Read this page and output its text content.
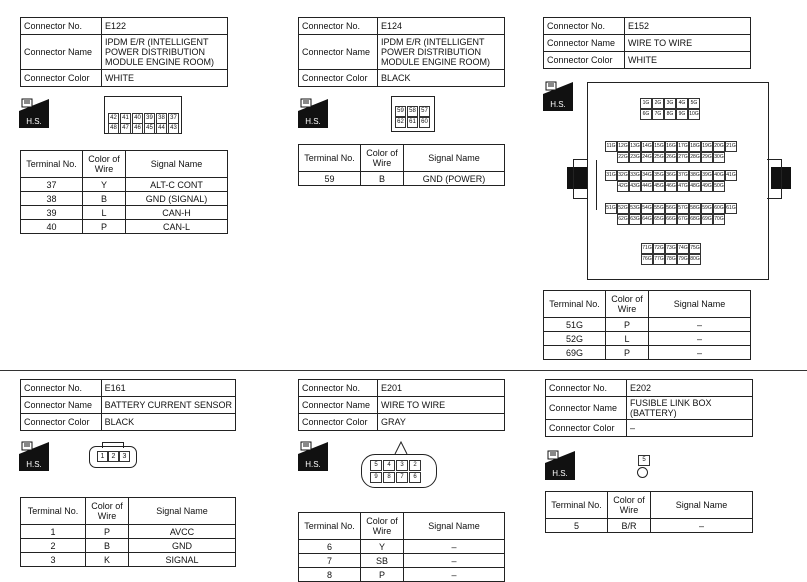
Connector No.	E122
Connector Name	IPDM E/R (INTELLIGENT POWER DISTRIBUTION MODULE ENGINE ROOM)
Connector Color	WHITE
H.S.	42 41 40 39 38 37
48 47 46 45 44 43
Terminal No.	Color of Wire	Signal Name
37	Y	ALT-C CONT
38	B	GND (SIGNAL)
39	L	CAN-H
40	P	CAN-L
Connector No.	E124
Connector Name	IPDM E/R (INTELLIGENT POWER DISTRIBUTION MODULE ENGINE ROOM)
Connector Color	BLACK
H.S.
59 58 57
62 61 60
Terminal No.	Color of Wire	Signal Name
59	B	GND (POWER)
Connector No.	E152
Connector Name	WIRE TO WIRE
Connector Color	WHITE
H.S.	1G	2G	3G	4G	5G
6G	7G	8G	9G 10G
11G 12G 13G 14G 15G 16G 17G 18G 19G 20G 21G
22G 23G 24G 25G 26G 27G 28G 29G 30G
31G 32G 33G 34G 35G 36G 37G 38G 39G 40G 41G
42G 43G 44G 45G 46G 47G 48G 49G 50G
51G 52G 53G 54G 55G 56G 57G 58G 59G 60G 61G
62G 63G 64G 65G 66G 67G 68G 69G 70G
71G 72G 73G 74G 75G
76G 77G 78G 79G 80G
Terminal No.	Color of Wire	Signal Name
51G	P	–
52G	L	–
69G	P	–
Connector No.	E161
Connector Name	BATTERY CURRENT SENSOR
Connector Color	BLACK
H.S.
1	2	3
Terminal No.	Color of Wire	Signal Name
1	P	AVCC
2	B	GND
3	K	SIGNAL
Connector No.	E201
Connector Name	WIRE TO WIRE
Connector Color	GRAY
H.S.	5	4	3	2
9	8	7	6
Terminal No.	Color of Wire	Signal Name
6	Y	–
7	SB	–
8	P	–
Connector No.	E202
Connector Name	FUSIBLE LINK BOX (BATTERY)
Connector Color	–
H.S.
5
Terminal No.	Color of Wire	Signal Name
5	B/R	–
